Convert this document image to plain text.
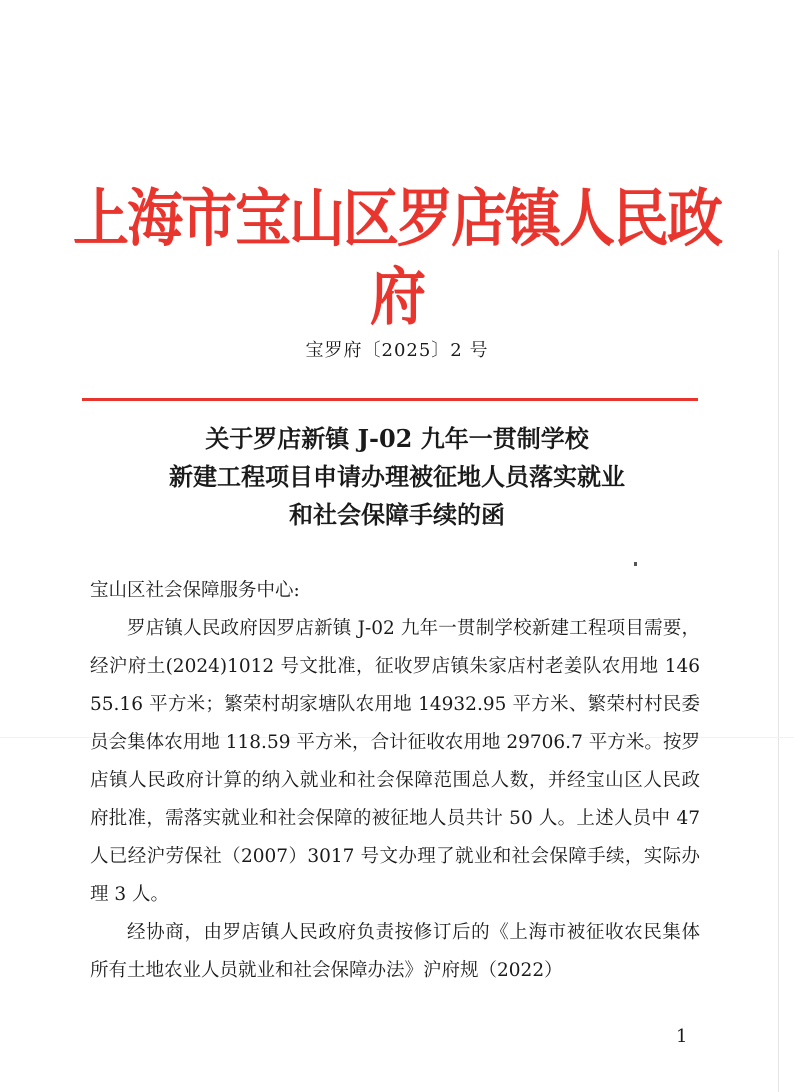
上海市宝山区罗店镇人民政府
宝罗府〔2025〕2 号
关于罗店新镇 J-02 九年一贯制学校
新建工程项目申请办理被征地人员落实就业
和社会保障手续的函

宝山区社会保障服务中心:

罗店镇人民政府因罗店新镇 J-02 九年一贯制学校新建工程项目需要，经沪府土(2024)1012 号文批准，征收罗店镇朱家店村老姜队农用地 14655.16 平方米；繁荣村胡家塘队农用地 14932.95 平方米、繁荣村村民委员会集体农用地 118.59 平方米，合计征收农用地 29706.7 平方米。按罗店镇人民政府计算的纳入就业和社会保障范围总人数，并经宝山区人民政府批准，需落实就业和社会保障的被征地人员共计 50 人。上述人员中 47 人已经沪劳保社（2007）3017 号文办理了就业和社会保障手续，实际办理 3 人。

经协商，由罗店镇人民政府负责按修订后的《上海市被征收农民集体所有土地农业人员就业和社会保障办法》沪府规（2022）

1
